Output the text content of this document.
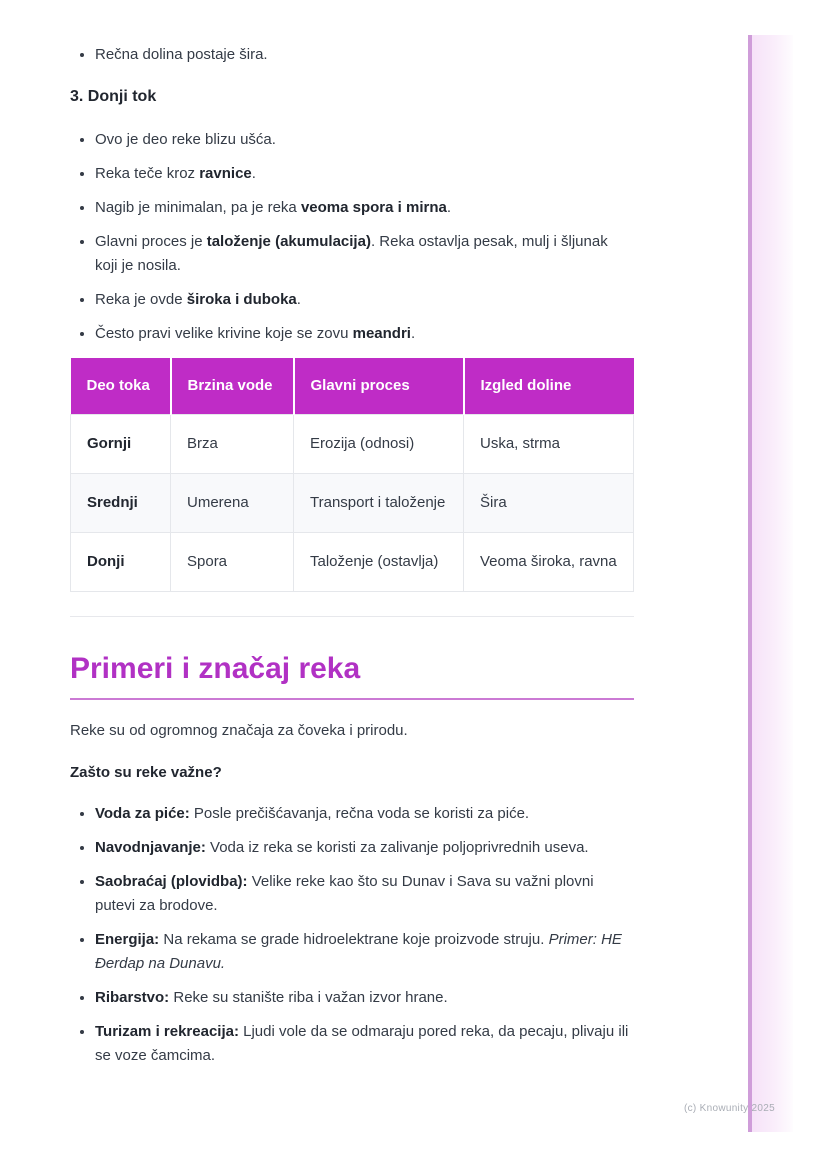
• Rečna dolina postaje šira.
3. Donji tok
• Ovo je deo reke blizu ušća.
• Reka teče kroz ravnice.
• Nagib je minimalan, pa je reka veoma spora i mirna.
• Glavni proces je taloženje (akumulacija). Reka ostavlja pesak, mulj i šljunak koji je nosila.
• Reka je ovde široka i duboka.
• Često pravi velike krivine koje se zovu meandri.
Deo toka	Brzina vode	Glavni proces	Izgled doline
Gornji	Brza	Erozija (odnosi)	Uska, strma
Srednji	Umerena	Transport i taloženje	Šira
Donji	Spora	Taloženje (ostavlja)	Veoma široka, ravna
Primeri i značaj reka

Reke su od ogromnog značaja za čoveka i prirodu.

Zašto su reke važne?

• Voda za piće: Posle prečišćavanja, rečna voda se koristi za piće.
• Navodnjavanje: Voda iz reka se koristi za zalivanje poljoprivrednih useva.
• Saobraćaj (plovidba): Velike reke kao što su Dunav i Sava su važni plovni putevi za brodove.
• Energija: Na rekama se grade hidroelektrane koje proizvode struju. Primer: HE Đerdap na Dunavu.
• Ribarstvo: Reke su stanište riba i važan izvor hrane.
• Turizam i rekreacija: Ljudi vole da se odmaraju pored reka, da pecaju, plivaju ili se voze čamcima.
(c) Knowunity 2025
